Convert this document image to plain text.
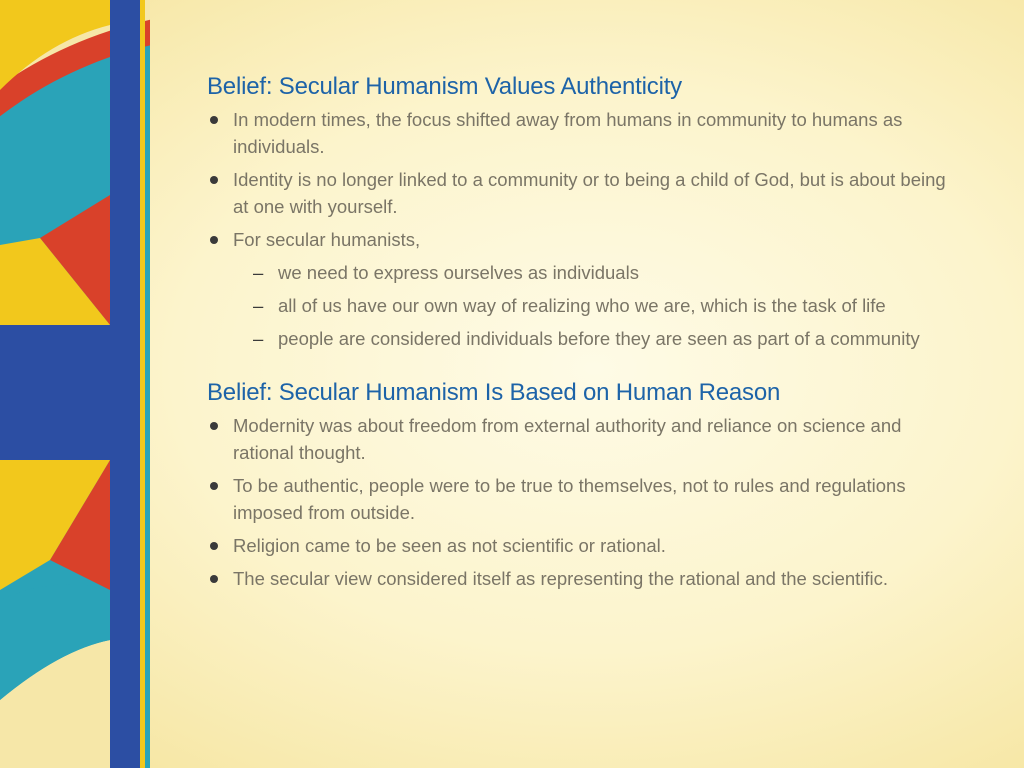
Belief: Secular Humanism Values Authenticity
In modern times, the focus shifted away from humans in community to humans as individuals.
Identity is no longer linked to a community or to being a child of God, but is about being at one with yourself.
For secular humanists,
– we need to express ourselves as individuals
– all of us have our own way of realizing who we are, which is the task of life
– people are considered individuals before they are seen as part of a community
Belief: Secular Humanism Is Based on Human Reason
Modernity was about freedom from external authority and reliance on science and rational thought.
To be authentic, people were to be true to themselves, not to rules and regulations imposed from outside.
Religion came to be seen as not scientific or rational.
The secular view considered itself as representing the rational and the scientific.
